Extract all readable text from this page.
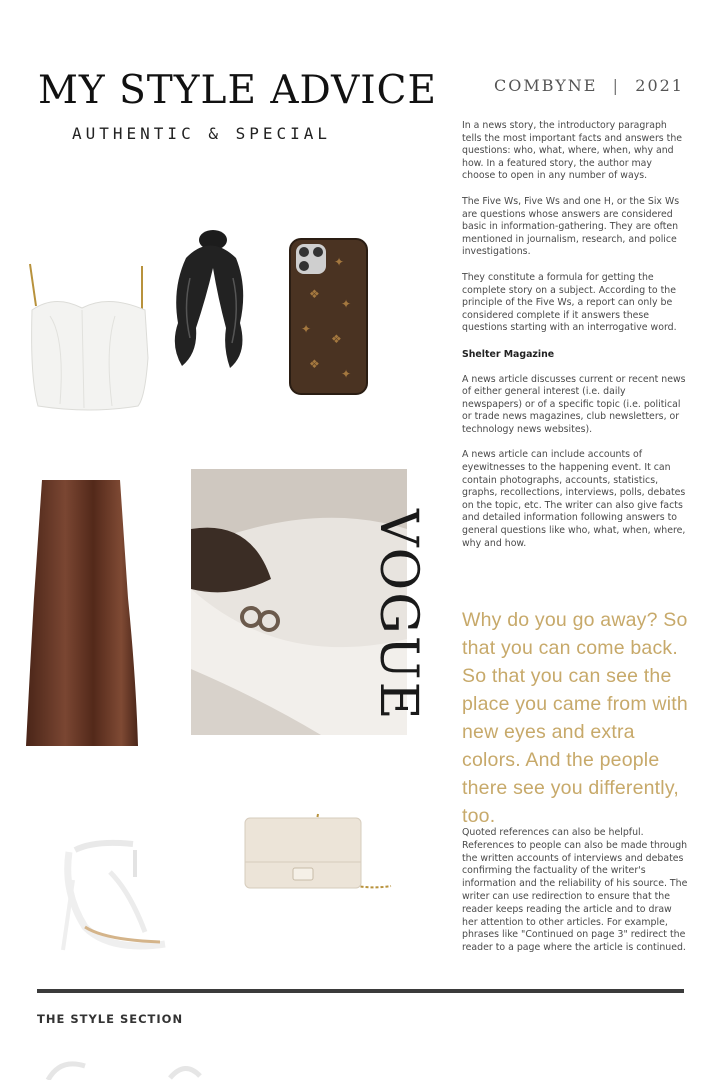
MY STYLE ADVICE
AUTHENTIC & SPECIAL
COMBYNE | 2021

In a news story, the introductory paragraph tells the most important facts and answers the questions: who, what, where, when, why and how. In a featured story, the author may choose to open in any number of ways.

The Five Ws, Five Ws and one H, or the Six Ws are questions whose answers are considered basic in information-gathering. They are often mentioned in journalism, research, and police investigations.

They constitute a formula for getting the complete story on a subject. According to the principle of the Five Ws, a report can only be considered complete if it answers these questions starting with an interrogative word.

Shelter Magazine

A news article discusses current or recent news of either general interest (i.e. daily newspapers) or of a specific topic (i.e. political or trade news magazines, club newsletters, or technology news websites).

A news article can include accounts of eyewitnesses to the happening event. It can contain photographs, accounts, statistics, graphs, recollections, interviews, polls, debates on the topic, etc. The writer can also give facts and detailed information following answers to general questions like who, what, when, where, why and how.

Why do you go away? So that you can come back. So that you can see the place you came from with new eyes and extra colors. And the people there see you differently, too.
Quoted references can also be helpful. References to people can also be made through the written accounts of interviews and debates confirming the factuality of the writer's information and the reliability of his source. The writer can use redirection to ensure that the reader keeps reading the article and to draw her attention to other articles. For example, phrases like "Continued on page 3" redirect the reader to a page where the article is continued.
THE STYLE SECTION
✦
❖
✦
✦
❖
❖
✦
VOGUE
